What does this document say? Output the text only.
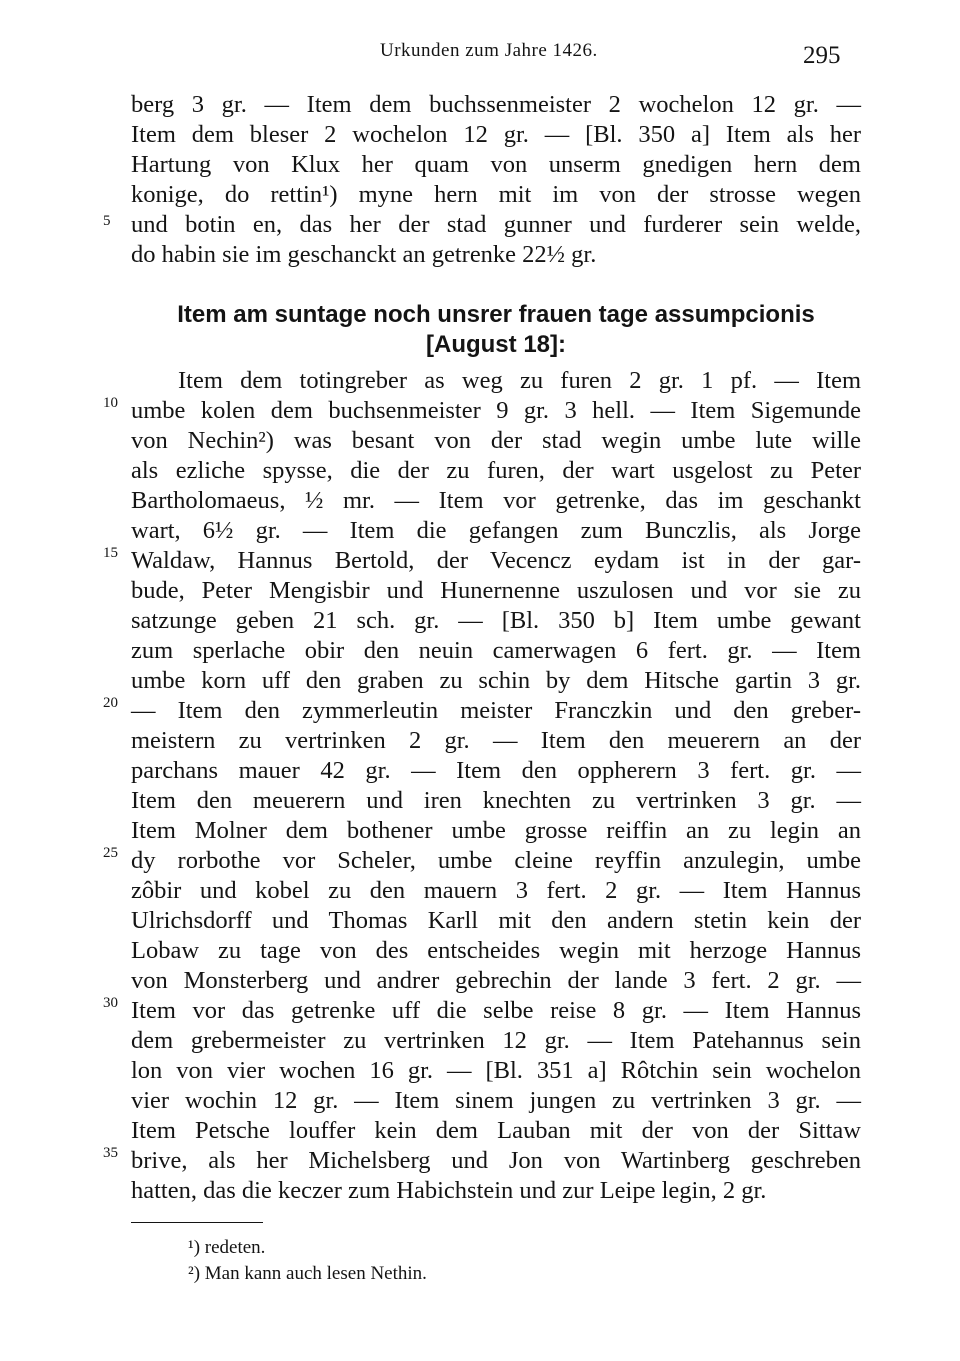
Urkunden zum Jahre 1426.	295
berg 3 gr. — Item dem buchssenmeister 2 wochelon 12 gr. —
Item dem bleser 2 wochelon 12 gr. — [Bl. 350 a] Item als her
Hartung von Klux her quam von unserm gnedigen hern dem
konige, do rettin¹) myne hern mit im von der strosse wegen
und botin en, das her der stad gunner und furderer sein welde,
do habin sie im geschanckt an getrenke 22½ gr.
Item am suntage noch unsrer frauen tage assumpcionis [August 18]:
Item dem totingreber as weg zu furen 2 gr. 1 pf. — Item
umbe kolen dem buchsenmeister 9 gr. 3 hell. — Item Sigemunde
von Nechin²) was besant von der stad wegin umbe lute wille
als ezliche spysse, die der zu furen, der wart usgelost zu Peter
Bartholomaeus, ½ mr. — Item vor getrenke, das im geschankt
wart, 6½ gr. — Item die gefangen zum Bunczlis, als Jorge
Waldaw, Hannus Bertold, der Vecencz eydam ist in der gar-
bude, Peter Mengisbir und Hunernenne uszulosen und vor sie zu
satzunge geben 21 sch. gr. — [Bl. 350 b] Item umbe gewant
zum sperlache obir den neuin camerwagen 6 fert. gr. — Item
umbe korn uff den graben zu schin by dem Hitsche gartin 3 gr.
— Item den zymmerleutin meister Franczkin und den greber-
meistern zu vertrinken 2 gr. — Item den meuerern an der
parchans mauer 42 gr. — Item den oppherern 3 fert. gr. —
Item den meuerern und iren knechten zu vertrinken 3 gr. —
Item Molner dem bothener umbe grosse reiffin an zu legin an
dy rorbothe vor Scheler, umbe cleine reyffin anzulegin, umbe
zôbir und kobel zu den mauern 3 fert. 2 gr. — Item Hannus
Ulrichsdorff und Thomas Karll mit den andern stetin kein der
Lobaw zu tage von des entscheides wegin mit herzoge Hannus
von Monsterberg und andrer gebrechin der lande 3 fert. 2 gr. —
Item vor das getrenke uff die selbe reise 8 gr. — Item Hannus
dem grebermeister zu vertrinken 12 gr. — Item Patehannus sein
lon von vier wochen 16 gr. — [Bl. 351 a] Rôtchin sein wochelon
vier wochin 12 gr. — Item sinem jungen zu vertrinken 3 gr. —
Item Petsche louffer kein dem Lauban mit der von der Sittaw
brive, als her Michelsberg und Jon von Wartinberg geschreben
hatten, das die keczer zum Habichstein und zur Leipe legin, 2 gr.
5
10
15
20
25
30
35
¹) redeten.
²) Man kann auch lesen Nethin.
